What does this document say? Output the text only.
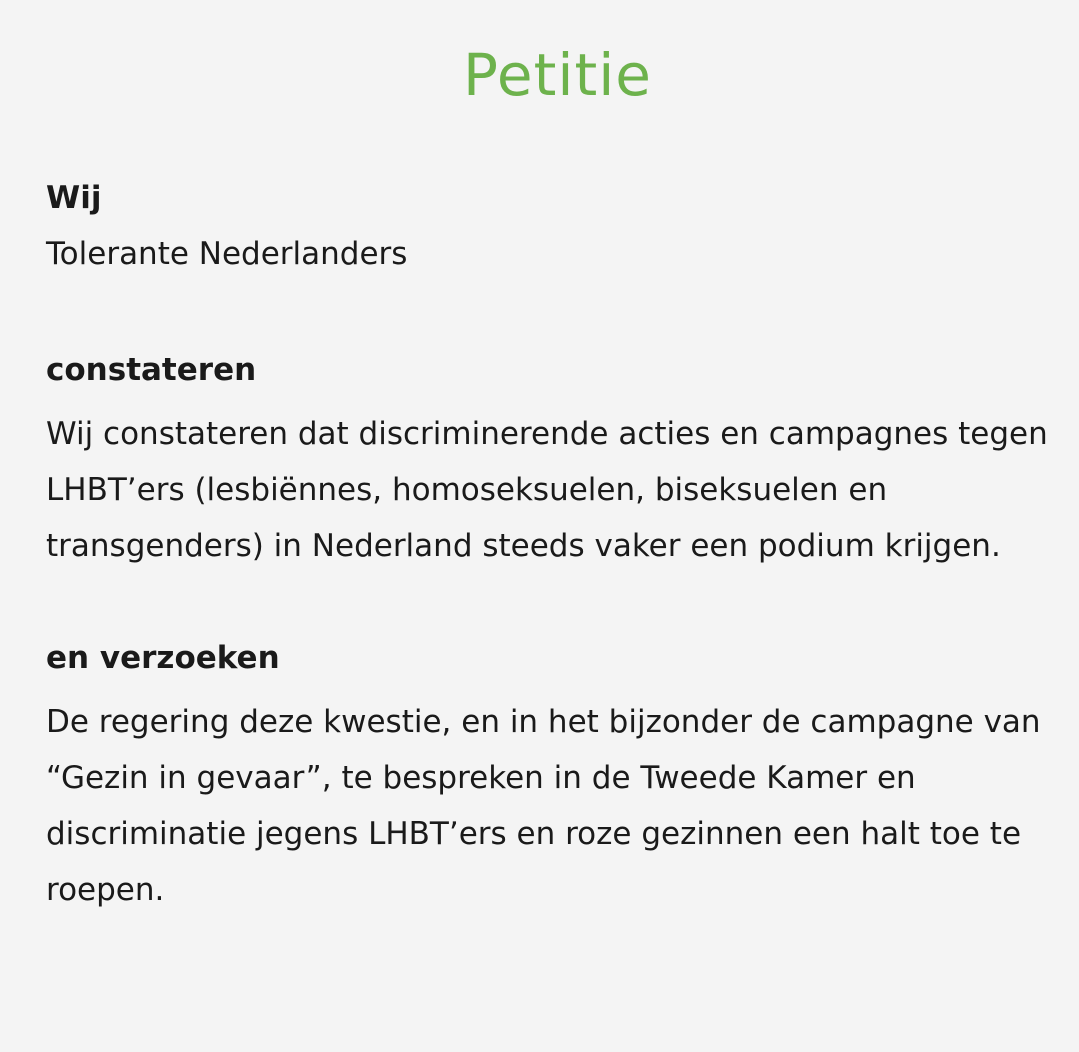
Petitie
Wij

Tolerante Nederlanders

constateren

Wij constateren dat discriminerende acties en campagnes tegen LHBT’ers (lesbiënnes, homoseksuelen, biseksuelen en transgenders) in Nederland steeds vaker een podium krijgen.

en verzoeken

De regering deze kwestie, en in het bijzonder de campagne van “Gezin in gevaar”, te bespreken in de Tweede Kamer en discriminatie jegens LHBT’ers en roze gezinnen een halt toe te roepen.
